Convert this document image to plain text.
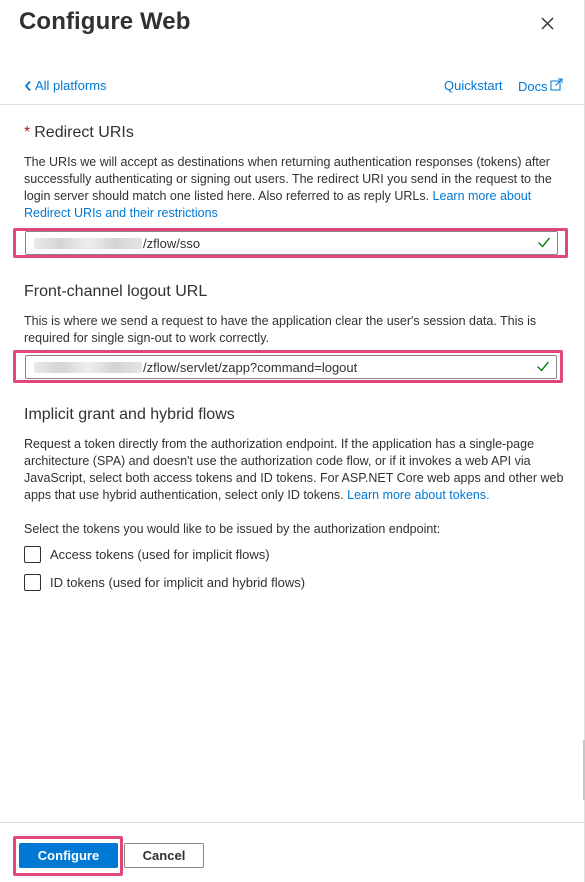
Configure Web
All platforms	Quickstart Docs
* Redirect URIs
The URIs we will accept as destinations when returning authentication responses (tokens) after successfully authenticating or signing out users. The redirect URI you send in the request to the login server should match one listed here. Also referred to as reply URLs. Learn more about Redirect URIs and their restrictions
/zflow/sso
Front-channel logout URL
This is where we send a request to have the application clear the user's session data. This is required for single sign-out to work correctly.
/zflow/servlet/zapp?command=logout
Implicit grant and hybrid flows
Request a token directly from the authorization endpoint. If the application has a single-page architecture (SPA) and doesn't use the authorization code flow, or if it invokes a web API via JavaScript, select both access tokens and ID tokens. For ASP.NET Core web apps and other web apps that use hybrid authentication, select only ID tokens. Learn more about tokens.
Select the tokens you would like to be issued by the authorization endpoint:
Access tokens (used for implicit flows)
ID tokens (used for implicit and hybrid flows)
Configure	Cancel
